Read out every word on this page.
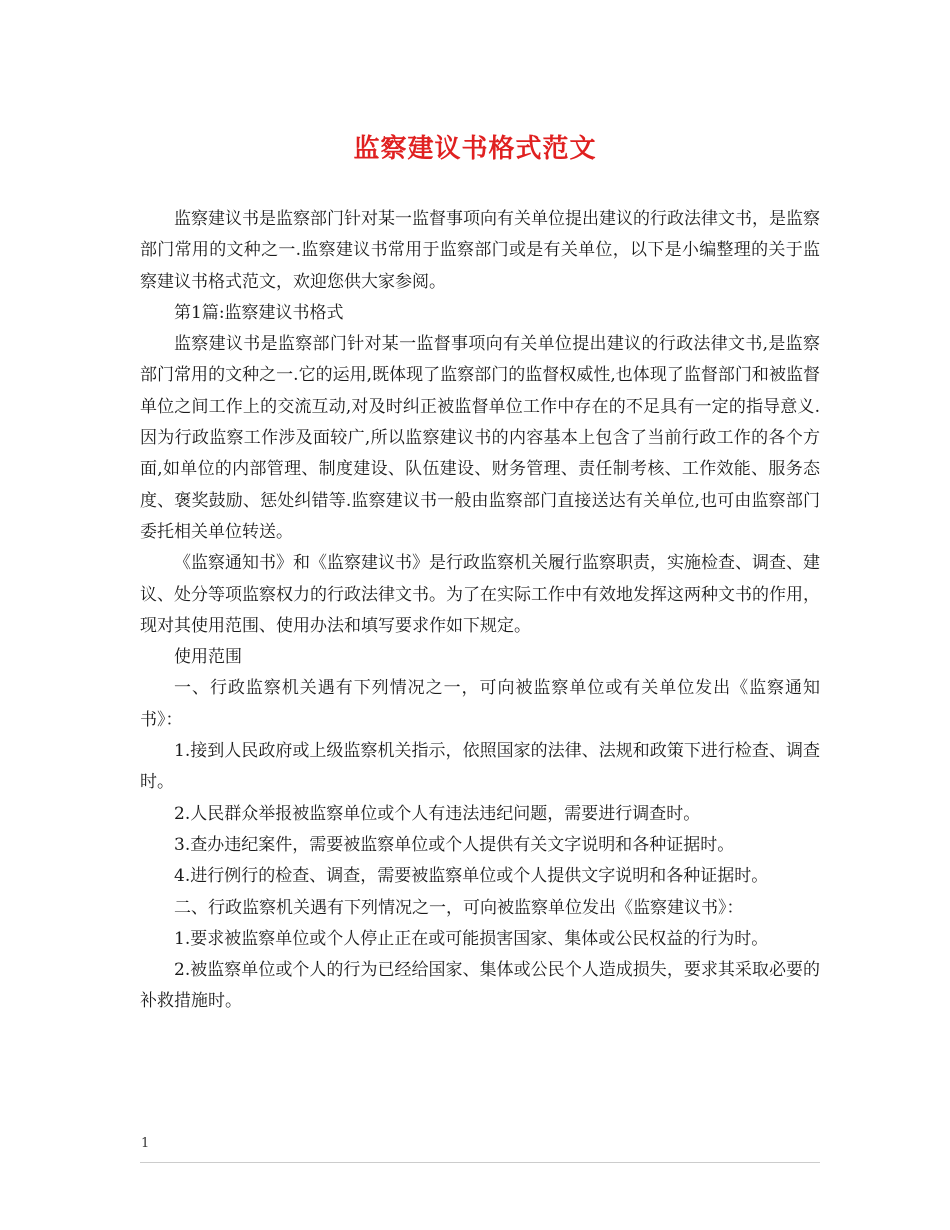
监察建议书格式范文

监察建议书是监察部门针对某一监督事项向有关单位提出建议的行政法律文书，是监察部门常用的文种之一.监察建议书常用于监察部门或是有关单位，以下是小编整理的关于监察建议书格式范文，欢迎您供大家参阅。

第1篇:监察建议书格式

监察建议书是监察部门针对某一监督事项向有关单位提出建议的行政法律文书,是监察部门常用的文种之一.它的运用,既体现了监察部门的监督权威性,也体现了监督部门和被监督单位之间工作上的交流互动,对及时纠正被监督单位工作中存在的不足具有一定的指导意义.因为行政监察工作涉及面较广,所以监察建议书的内容基本上包含了当前行政工作的各个方面,如单位的内部管理、制度建设、队伍建设、财务管理、责任制考核、工作效能、服务态度、褒奖鼓励、惩处纠错等.监察建议书一般由监察部门直接送达有关单位,也可由监察部门委托相关单位转送。

《监察通知书》和《监察建议书》是行政监察机关履行监察职责，实施检查、调查、建议、处分等项监察权力的行政法律文书。为了在实际工作中有效地发挥这两种文书的作用，现对其使用范围、使用办法和填写要求作如下规定。

使用范围

一、行政监察机关遇有下列情况之一，可向被监察单位或有关单位发出《监察通知书》：

1.接到人民政府或上级监察机关指示，依照国家的法律、法规和政策下进行检查、调查时。

2.人民群众举报被监察单位或个人有违法违纪问题，需要进行调查时。

3.查办违纪案件，需要被监察单位或个人提供有关文字说明和各种证据时。

4.进行例行的检查、调查，需要被监察单位或个人提供文字说明和各种证据时。

二、行政监察机关遇有下列情况之一，可向被监察单位发出《监察建议书》：

1.要求被监察单位或个人停止正在或可能损害国家、集体或公民权益的行为时。

2.被监察单位或个人的行为已经给国家、集体或公民个人造成损失，要求其采取必要的补救措施时。

1
